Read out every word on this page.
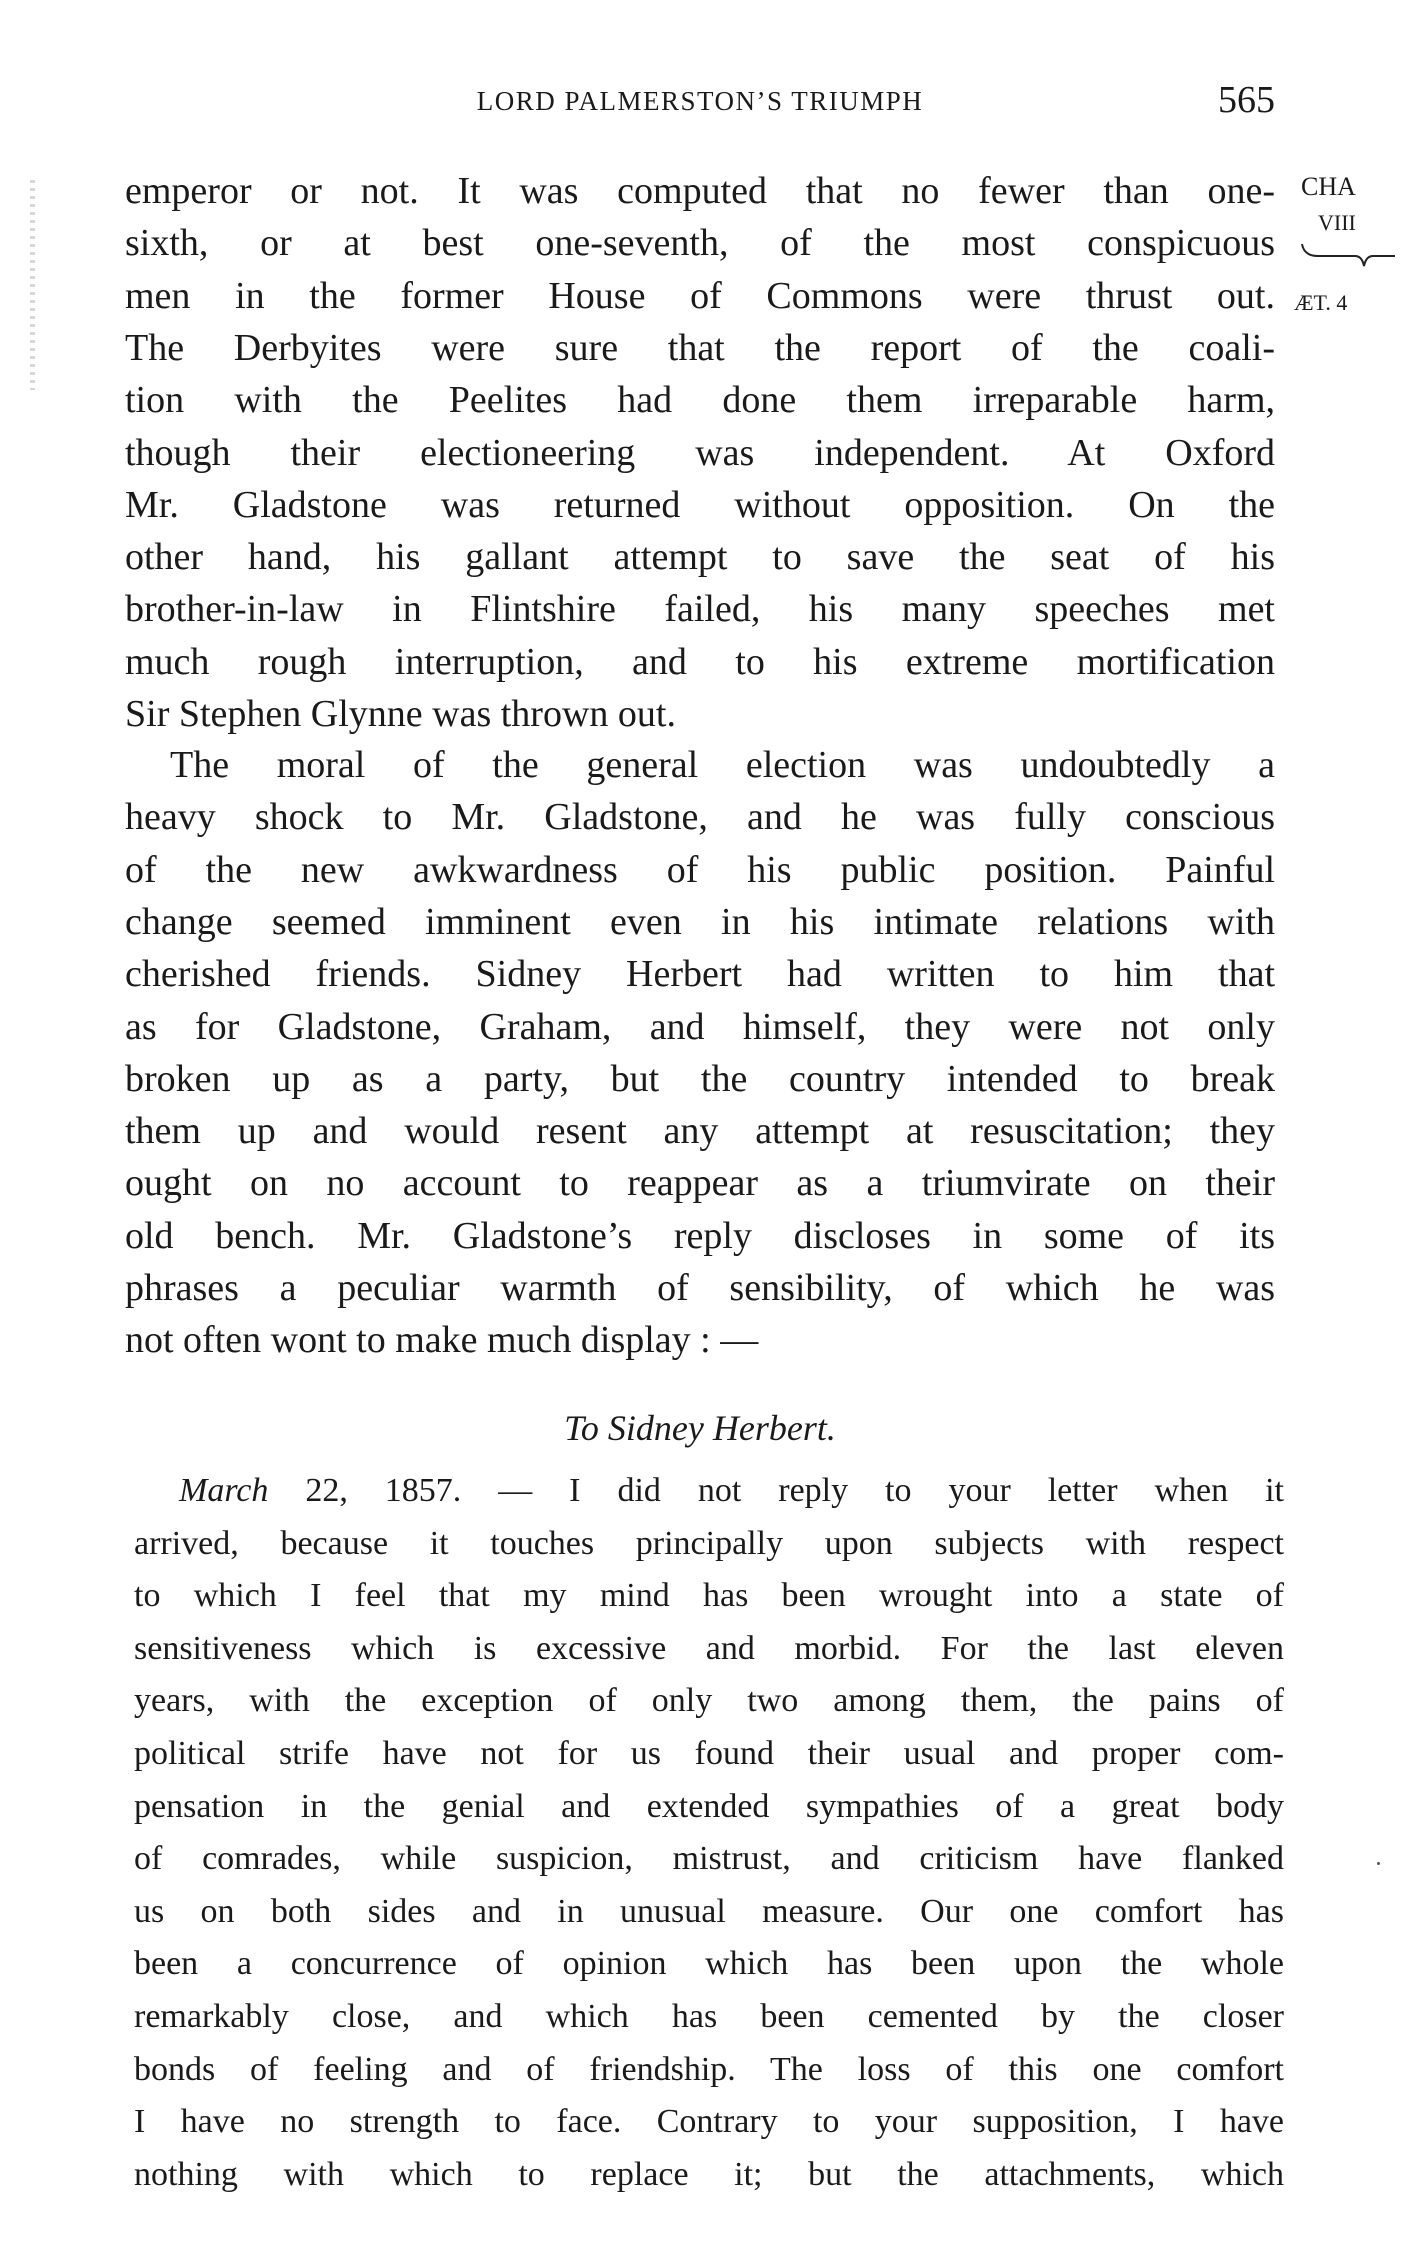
LORD PALMERSTON’S TRIUMPH	565
CHA
VIII
ÆT. 4
emperor or not. It was computed that no fewer than one-
sixth, or at best one-seventh, of the most conspicuous
men in the former House of Commons were thrust out.
The Derbyites were sure that the report of the coali-
tion with the Peelites had done them irreparable harm,
though their electioneering was independent. At Oxford
Mr. Gladstone was returned without opposition. On the
other hand, his gallant attempt to save the seat of his
brother-in-law in Flintshire failed, his many speeches met
much rough interruption, and to his extreme mortification
Sir Stephen Glynne was thrown out.
The moral of the general election was undoubtedly a
heavy shock to Mr. Gladstone, and he was fully conscious
of the new awkwardness of his public position. Painful
change seemed imminent even in his intimate relations with
cherished friends. Sidney Herbert had written to him that
as for Gladstone, Graham, and himself, they were not only
broken up as a party, but the country intended to break
them up and would resent any attempt at resuscitation; they
ought on no account to reappear as a triumvirate on their
old bench. Mr. Gladstone’s reply discloses in some of its
phrases a peculiar warmth of sensibility, of which he was
not often wont to make much display : —
To Sidney Herbert.
March 22, 1857. — I did not reply to your letter when it
arrived, because it touches principally upon subjects with respect
to which I feel that my mind has been wrought into a state of
sensitiveness which is excessive and morbid. For the last eleven
years, with the exception of only two among them, the pains of
political strife have not for us found their usual and proper com-
pensation in the genial and extended sympathies of a great body
of comrades, while suspicion, mistrust, and criticism have flanked
us on both sides and in unusual measure. Our one comfort has
been a concurrence of opinion which has been upon the whole
remarkably close, and which has been cemented by the closer
bonds of feeling and of friendship. The loss of this one comfort
I have no strength to face. Contrary to your supposition, I have
nothing with which to replace it; but the attachments, which
